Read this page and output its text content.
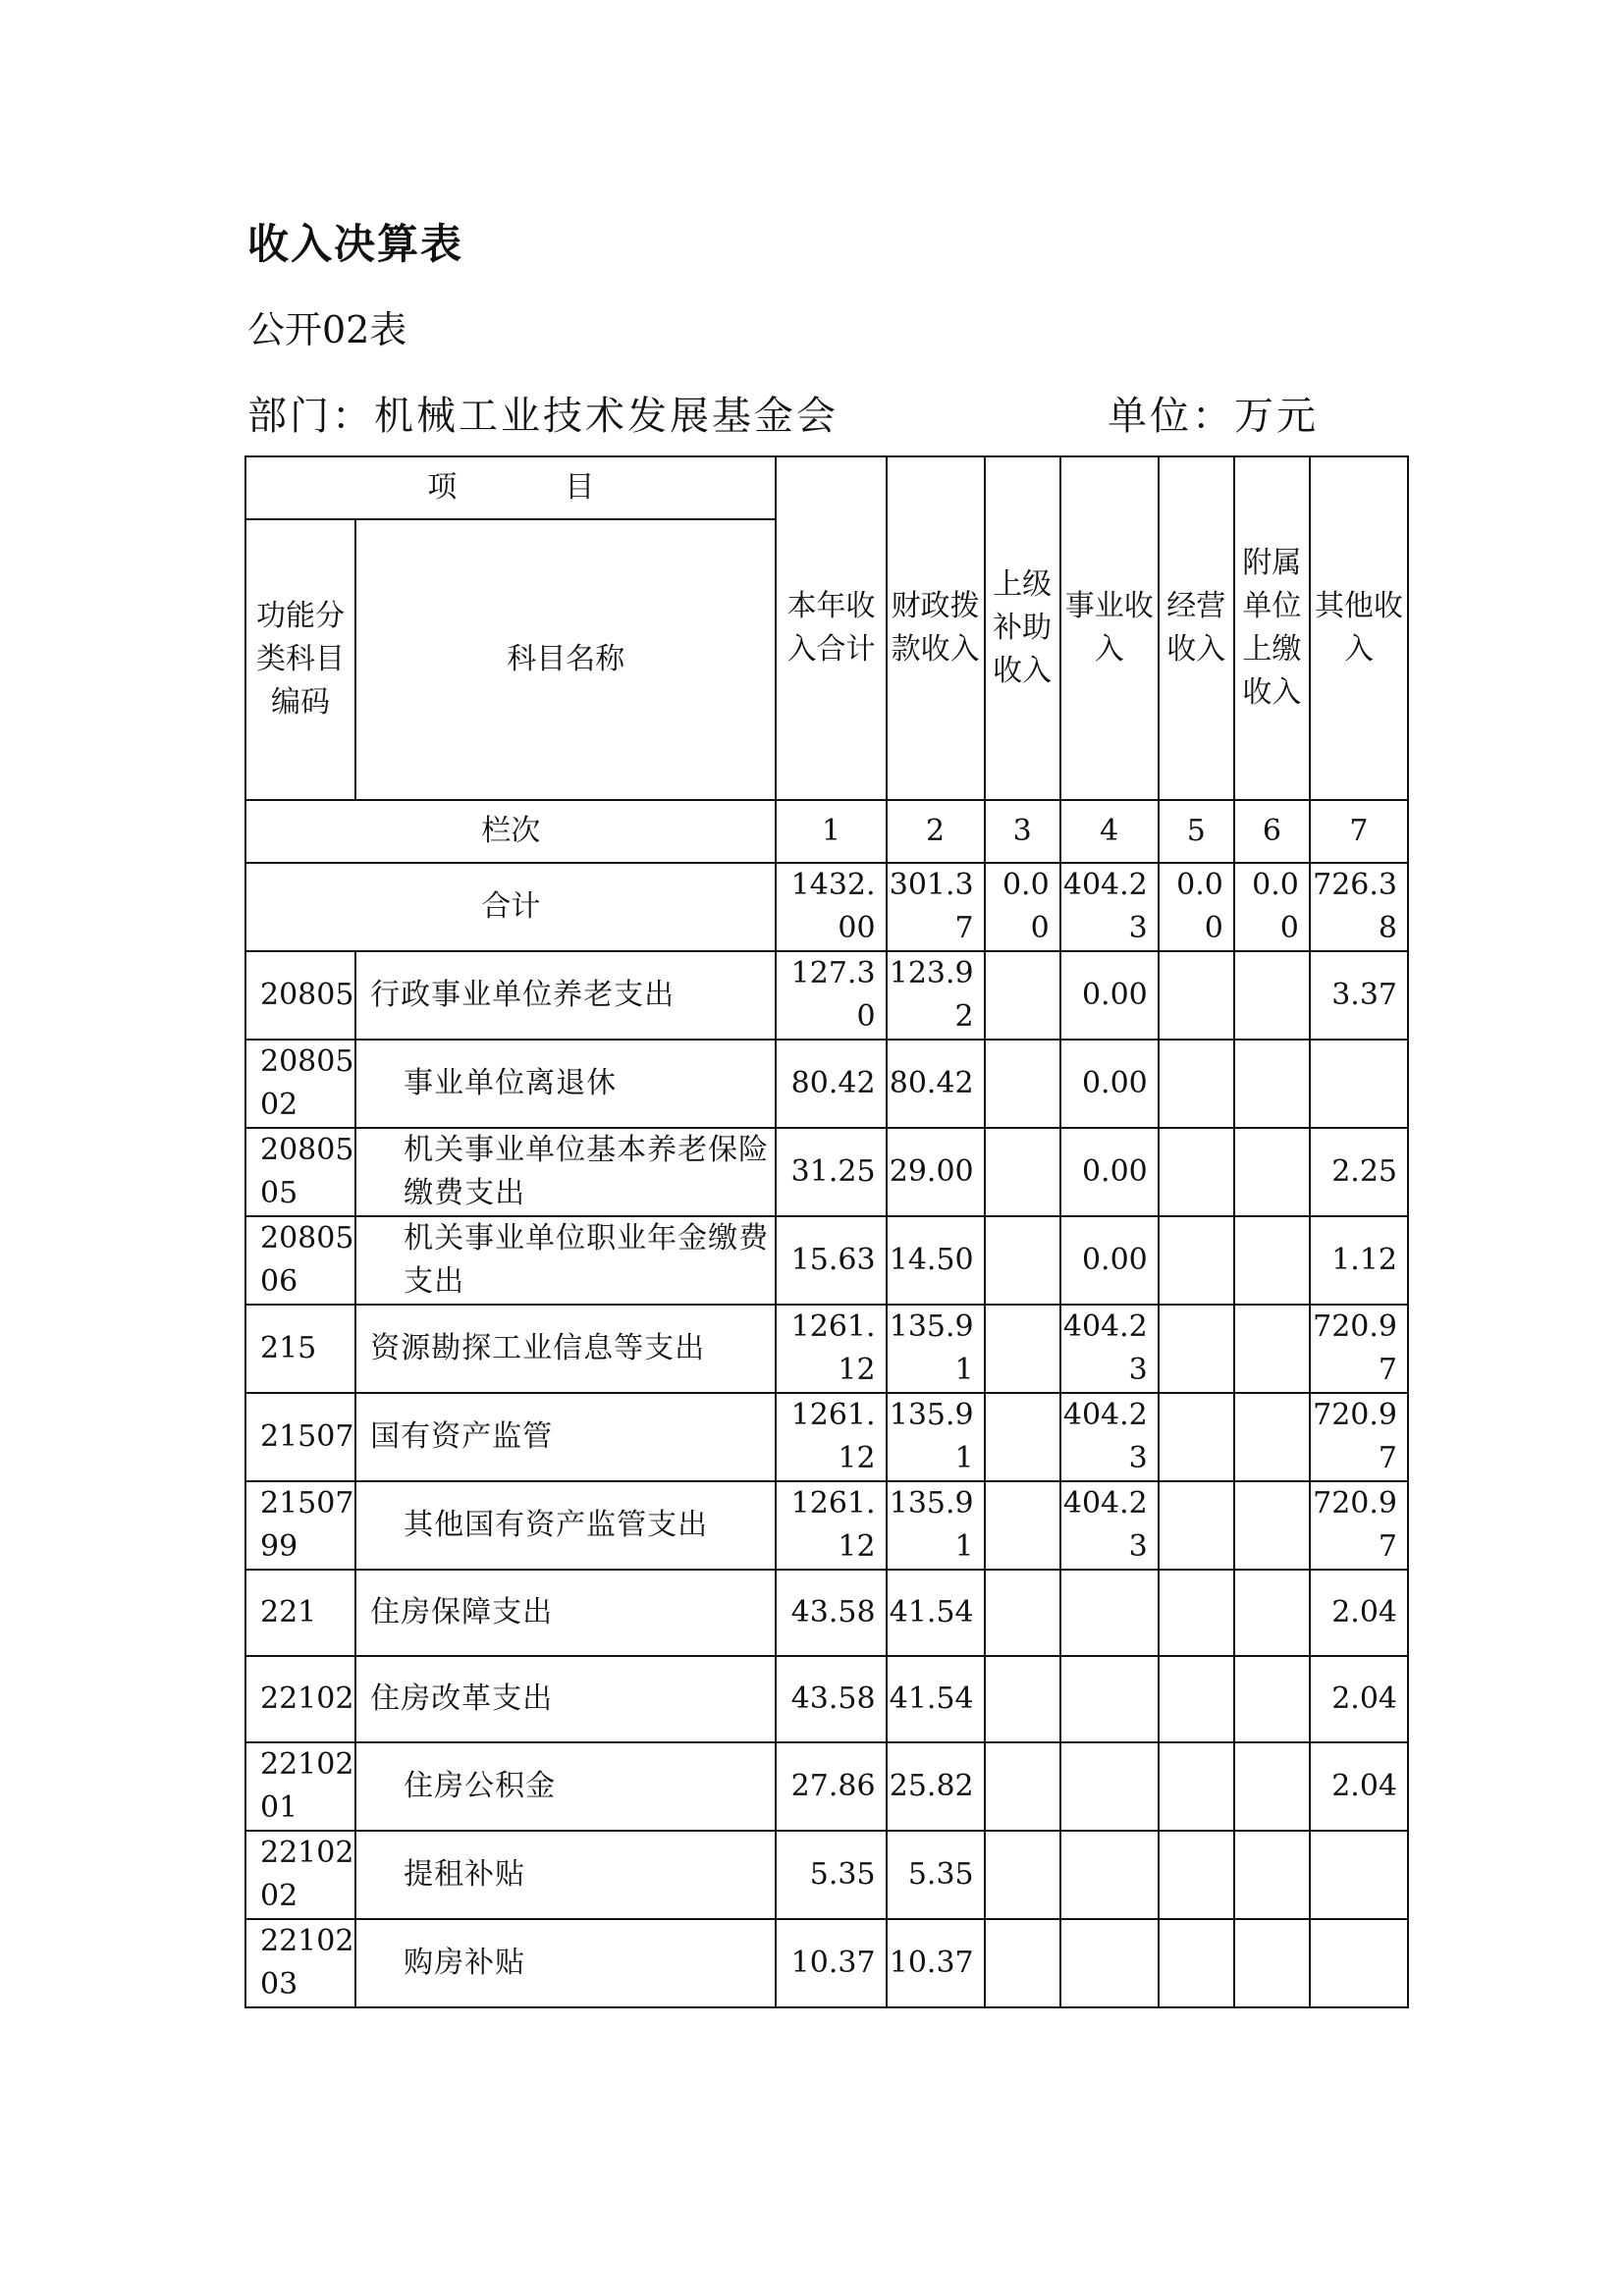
收入决算表
公开02表
部门：机械工业技术发展基金会	单位：万元
项　目		本年收入合计	财政拨款收入	上级补助收入	事业收入	经营收入	附属单位上缴收入	其他收入
功能分类科目编码	科目名称							
栏次		1	2	3	4	5	6	7
合计		1432.00	301.37	0.00	404.23	0.00	0.00	726.38
20805	行政事业单位养老支出	127.30	123.92		0.00			3.37
2080502	事业单位离退休	80.42	80.42		0.00			
2080505	机关事业单位基本养老保险缴费支出	31.25	29.00		0.00			2.25
2080506	机关事业单位职业年金缴费支出	15.63	14.50		0.00			1.12
215	资源勘探工业信息等支出	1261.12	135.91		404.23			720.97
21507	国有资产监管	1261.12	135.91		404.23			720.97
2150799	其他国有资产监管支出	1261.12	135.91		404.23			720.97
221	住房保障支出	43.58	41.54					2.04
22102	住房改革支出	43.58	41.54					2.04
2210201	住房公积金	27.86	25.82					2.04
2210202	提租补贴	5.35	5.35					
2210203	购房补贴	10.37	10.37					
